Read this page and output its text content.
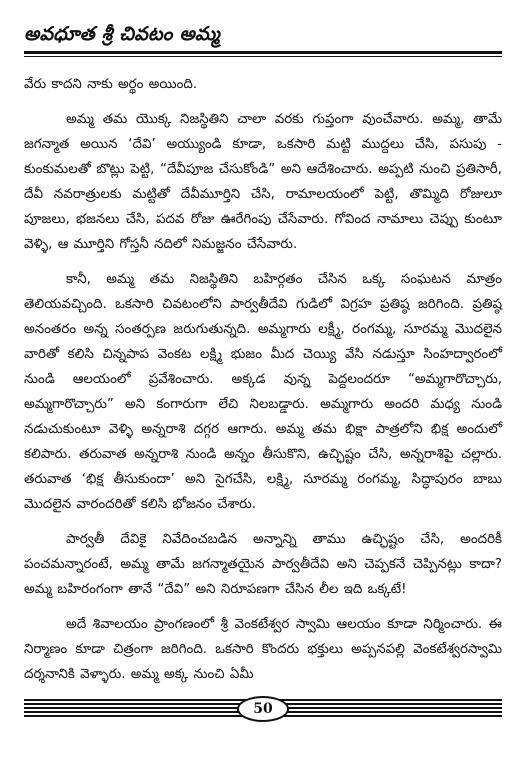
అవధూత శ్రీ చివటం అమ్మ

వేరు కాదని నాకు అర్థం అయింది.

అమ్మ తమ యొక్క నిజస్థితిని చాలా వరకు గుప్తంగా వుంచేవారు. అమ్మ, తామే జగన్మాత అయిన ‘దేవి’ అయ్యుండి కూడా, ఒకసారి మట్టి ముద్దలు చేసి, పసుపు - కుంకుమలతో బొట్లు పెట్టి, “దేవీపూజ చేసుకోండి” అని ఆదేశించారు. అప్పటి నుంచి ప్రతిసారీ, దేవీ నవరాత్రులకు మట్టితో దేవీమూర్తిని చేసి, రామాలయంలో పెట్టి, తొమ్మిది రోజులూ పూజలు, భజనలు చేసి, పదవ రోజు ఊరేగింపు చేసేవారు. గోవింద నామాలు చెప్పు కుంటూ వెళ్ళి, ఆ మూర్తిని గోస్తనీ నదిలో నిమజ్జనం చేసేవారు.

కానీ, అమ్మ తమ నిజస్థితిని బహిర్గతం చేసిన ఒక్క సంఘటన మాత్రం తెలియవచ్చింది. ఒకసారి చివటంలోని పార్వతీదేవి గుడిలో విగ్రహ ప్రతిష్ఠ జరిగింది. ప్రతిష్ఠ అనంతరం అన్న సంతర్పణ జరుగుతున్నది. అమ్మగారు లక్ష్మీ, రంగమ్మ, సూరమ్మ మొదలైన వారితో కలిసి చిన్నపాప వెంకట లక్ష్మి భుజం మీద చెయ్యి వేసి నడుస్తూ సింహద్వారంలో నుండి ఆలయంలో ప్రవేశించారు. అక్కడ వున్న పెద్దలందరూ “అమ్మగారొచ్చారు, అమ్మగారొచ్చారు” అని కంగారుగా లేచి నిలబడ్డారు. అమ్మగారు అందరి మధ్య నుండి నడుచుకుంటూ వెళ్ళి అన్నరాశి దగ్గర ఆగారు. అమ్మ తమ భిక్షా పాత్రలోని భిక్ష అందులో కలిపారు. తరువాత అన్నరాశి నుండి అన్నం తీసుకొని, ఉచ్ఛిష్టం చేసి, అన్నరాశిపై చల్లారు. తరువాత ‘భిక్ష తీసుకుందా’ అని సైగచేసి, లక్ష్మి, సూరమ్మ రంగమ్మ, సిద్ధాపురం బాబు మొదలైన వారందరితో కలిసి భోజనం చేశారు.

పార్వతీ దేవికై నివేదించబడిన అన్నాన్ని తాము ఉచ్ఛిష్టం చేసి, అందరికీ పంచమన్నారంటే, అమ్మ తామే జగన్మాతయైన పార్వతీదేవి అని చెప్పకనే చెప్పినట్లు కాదా? అమ్మ బహిరంగంగా తానే “దేవి” అని నిరూపణగా చేసిన లీల ఇది ఒక్కటే!

అదే శివాలయం ప్రాంగణంలో శ్రీ వెంకటేశ్వర స్వామి ఆలయం కూడా నిర్మించారు. ఈ నిర్మాణం కూడా చిత్రంగా జరిగింది. ఒకసారి కొందరు భక్తులు అప్పనపల్లి వెంకటేశ్వరస్వామి దర్శనానికి వెళ్ళారు. అమ్మ అక్క నుంచి ఏమీ

50
